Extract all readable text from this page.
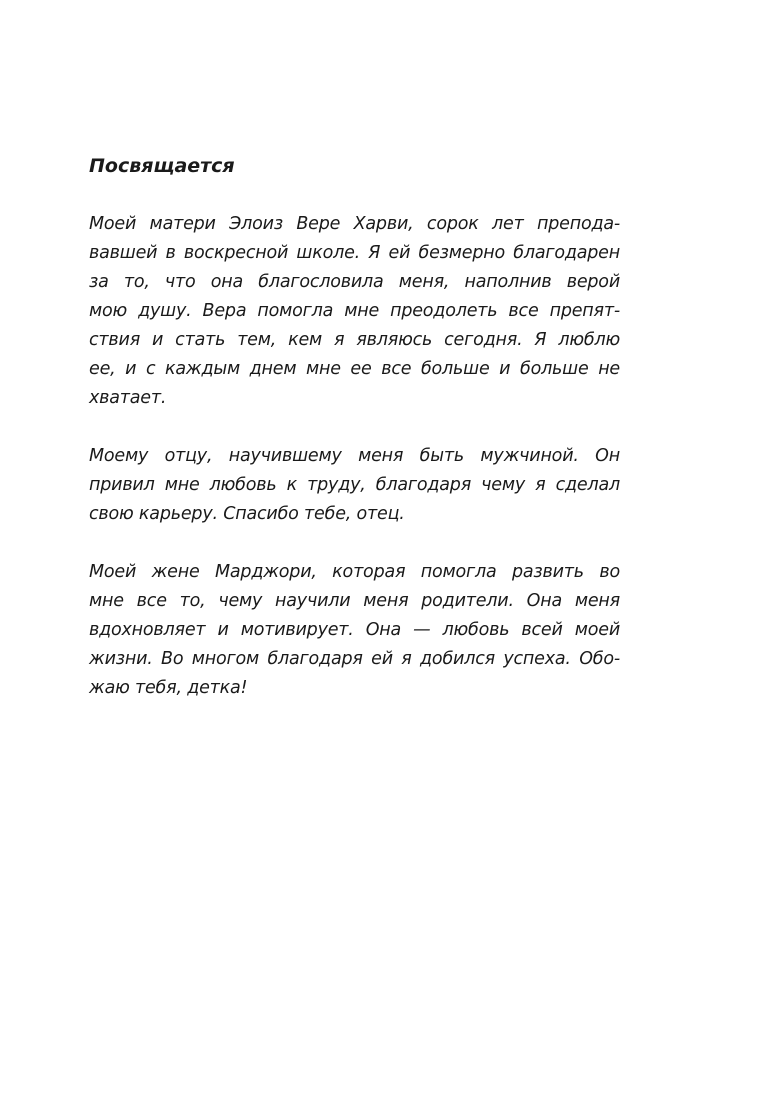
Посвящается
Моей матери Элоиз Вере Харви, сорок лет препода-
вавшей в воскресной школе. Я ей безмерно благодарен
за то, что она благословила меня, наполнив верой
мою душу. Вера помогла мне преодолеть все препят-
ствия и стать тем, кем я являюсь сегодня. Я люблю
ее, и с каждым днем мне ее все больше и больше не
хватает.
Моему отцу, научившему меня быть мужчиной. Он
привил мне любовь к труду, благодаря чему я сделал
свою карьеру. Спасибо тебе, отец.
Моей жене Марджори, которая помогла развить во
мне все то, чему научили меня родители. Она меня
вдохновляет и мотивирует. Она — любовь всей моей
жизни. Во многом благодаря ей я добился успеха. Обо-
жаю тебя, детка!
